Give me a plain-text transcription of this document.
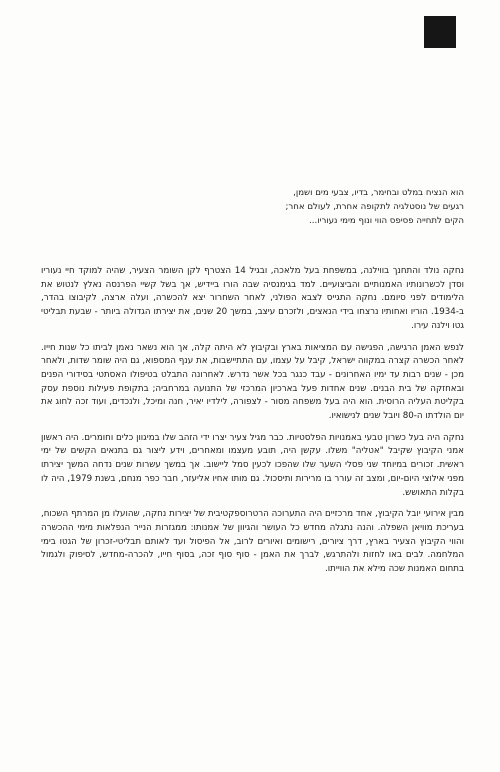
הוא הנציח במלט ובחימר, בדיו, צבעי מים ושמן,
רגעים של נוסטלגיה לתקופה אחרת, לעולם אחר;
הקים לתחייה פסיפס הווי ונוף מימי נעוריו...

נחקה נולד והתחנך בווילנה, במשפחת בעל מלאכה, ובגיל 14 הצטרף לקן השומר הצעיר, שהיה למוקד חיי נעוריו וסדן לכשרונותיו האמנותיים והביצועיים. למד בגימנסיה שבה הורו ביידיש, אך בשל קשיי הפרנסה נאלץ לנטוש את הלימודים לפני סיומם. נחקה התגייס לצבא הפולני, לאחר השחרור יצא להכשרה, ועלה ארצה, לקיבוצו בהדר, ב-1934. הוריו ואחותיו נרצחו בידי הנאצים, ולזכרם עיצב, במשך 20 שנים, את יצירתו הגדולה ביותר - שבעת תבליטי גטו וילנה עירו.

לנפש האמן הרגישה, הפגישה עם המציאות בארץ ובקיבוץ לא היתה קלה, אך הוא נשאר נאמן לביתו כל שנות חייו. לאחר הכשרה קצרה במקווה ישראל, קיבל על עצמו, עם התתיישבות, את ענף המספוא, גם היה שומר שדות, ולאחר מכן - שנים רבות עד ימיו האחרונים - עבד כנגר בכל אשר נדרש. לאחרונה התבלט בטיפולו האסתטי בסידורי הפנים ובאחזקה של בית הבנים. שנים אחדות פעל בארכיון המרכזי של התנועה במרחביה; בתקופת פעילות נוספת עסק בקליטת העליה הרוסית. הוא היה בעל משפחה מסור - לצפורה, לילדיו יאיר, חנה ומיכל, ולנכדים, ועוד זכה לחוג את יום הולדתו ה-80 ויובל שנים לנישואיו.

נחקה היה בעל כשרון טבעי באמנויות הפלסטיות. כבר מגיל צעיר יצרו ידי הזהב שלו במיגוון כלים וחומרים. היה ראשון אמני הקיבוץ שקיבל "אטליה" משלו. עקשן היה, תובע מעצמו ומאחרים, וידע ליצור גם בתנאים הקשים של ימי ראשית. זכורים במיוחד שני פסלי השער שלו שהפכו לכעין סמל ליישוב. אך במשך עשרות שנים נדחה המשך יצירתו מפני אילוצי היום-יום, ומצב זה עורר בו מרירות ותיסכול. גם מותו אחיו אליעזר, חבר כפר מנחם, בשנת 1979, היה לו בקלות התאושש.

מבין אירועי יובל הקיבוץ, אחד מרכזיים היה התערוכה הרטרוספקטיבית של יצירות נחקה, שהועלו מן המרתף השכוח, בעריכת מוויאן השפלה. והנה נתגלה מחדש כל העושר והגיוון של אמנותו: ממגזרות הנייר הנפלאות מימי ההכשרה והווי הקיבוץ הצעיר בארץ, דרך ציורים, רישומים ואיורים לרוב, אל הפיסול ועד לאותם תבליטי-זכרון של הגטו בימי המלחמה. לבים באו לחזות ולהתרגש, לברך את האמן - סוף סוף זכה, בסוף חייו, להכרה-מחדש, לסיפוק ולגמול בתחום האמנות שכה מילא את הווייתו.
